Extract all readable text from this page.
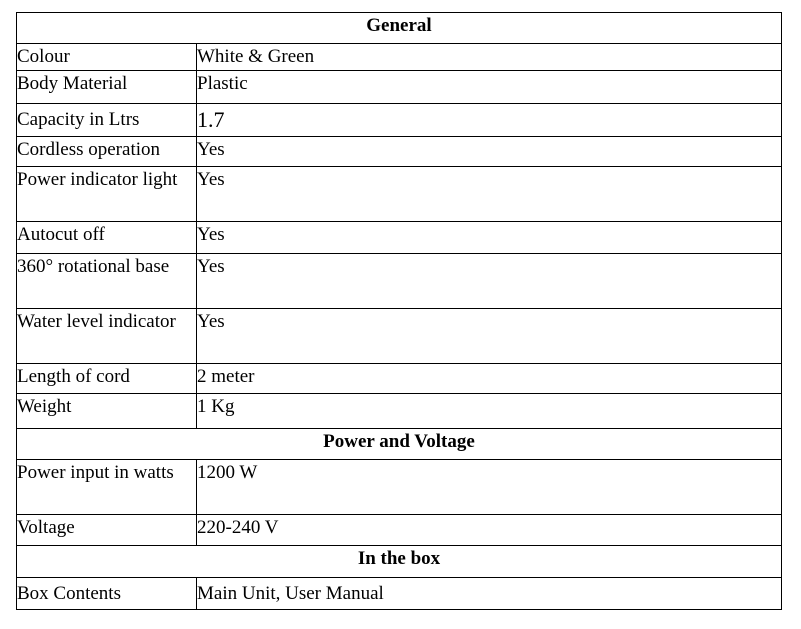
General	
Colour	White & Green
Body Material	Plastic
Capacity in Ltrs	1.7
Cordless operation	Yes
Power indicator light	Yes
Autocut off	Yes
360° rotational base	Yes
Water level indicator	Yes
Length of cord	2 meter
Weight	1 Kg
Power and Voltage	
Power input in watts	1200 W
Voltage	220-240 V
In the box	
Box Contents	Main Unit, User Manual
